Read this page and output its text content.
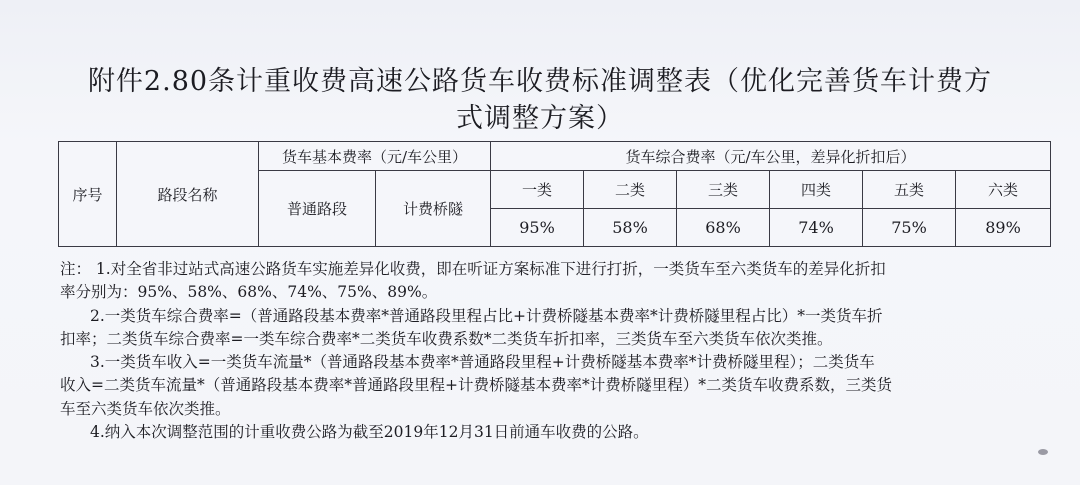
附件2.80条计重收费高速公路货车收费标准调整表（优化完善货车计费方
式调整方案）
序号	路段名称	货车基本费率（元/车公里）		货车综合费率（元/车公里，差异化折扣后）					
		普通路段	计费桥隧	一类	二类	三类	四类	五类	六类
				95%	58%	68%	74%	75%	89%

注： 1.对全省非过站式高速公路货车实施差异化收费，即在听证方案标准下进行打折，一类货车至六类货车的差异化折扣

率分别为：95%、58%、68%、74%、75%、89%。

2.一类货车综合费率=（普通路段基本费率*普通路段里程占比+计费桥隧基本费率*计费桥隧里程占比）*一类货车折

扣率；二类货车综合费率=一类车综合费率*二类货车收费系数*二类货车折扣率，三类货车至六类货车依次类推。

3.一类货车收入=一类货车流量*（普通路段基本费率*普通路段里程+计费桥隧基本费率*计费桥隧里程）；二类货车

收入=二类货车流量*（普通路段基本费率*普通路段里程+计费桥隧基本费率*计费桥隧里程）*二类货车收费系数，三类货

车至六类货车依次类推。

4.纳入本次调整范围的计重收费公路为截至2019年12月31日前通车收费的公路。
